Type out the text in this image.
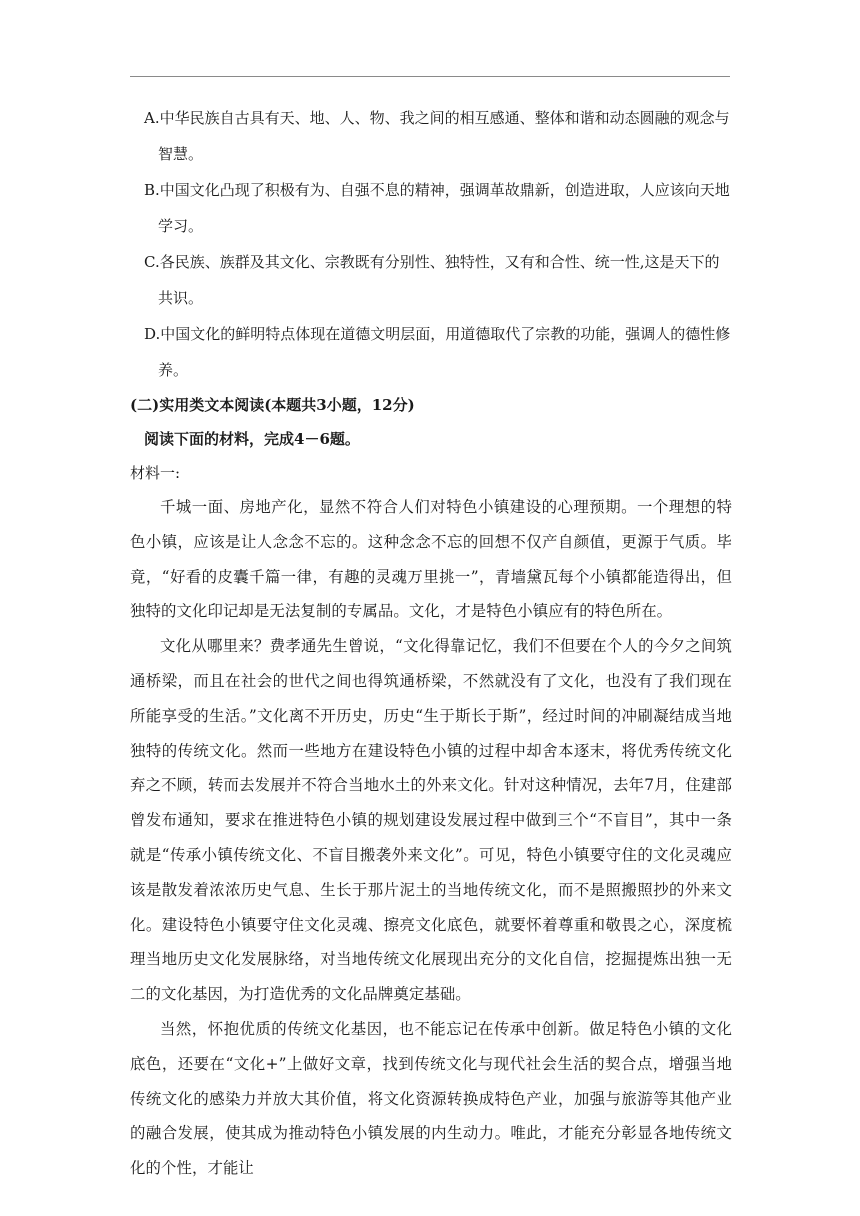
A.中华民族自古具有天、地、人、物、我之间的相互感通、整体和谐和动态圆融的观念与
智慧。

B.中国文化凸现了积极有为、自强不息的精神，强调革故鼎新，创造进取，人应该向天地
学习。

C.各民族、族群及其文化、宗教既有分别性、独特性，又有和合性、统一性,这是天下的
共识。

D.中国文化的鲜明特点体现在道德文明层面，用道德取代了宗教的功能，强调人的德性修
养。

(二)实用类文本阅读(本题共3小题，12分)

阅读下面的材料，完成4－6题。

材料一:

千城一面、房地产化，显然不符合人们对特色小镇建设的心理预期。一个理想的特色小镇，应该是让人念念不忘的。这种念念不忘的回想不仅产自颜值，更源于气质。毕竟，“好看的皮囊千篇一律，有趣的灵魂万里挑一”，青墙黛瓦每个小镇都能造得出，但独特的文化印记却是无法复制的专属品。文化，才是特色小镇应有的特色所在。

文化从哪里来？费孝通先生曾说，“文化得靠记忆，我们不但要在个人的今夕之间筑通桥梁，而且在社会的世代之间也得筑通桥梁，不然就没有了文化，也没有了我们现在所能享受的生活。”文化离不开历史，历史“生于斯长于斯”，经过时间的冲刷凝结成当地独特的传统文化。然而一些地方在建设特色小镇的过程中却舍本逐末，将优秀传统文化弃之不顾，转而去发展并不符合当地水土的外来文化。针对这种情况，去年7月，住建部曾发布通知，要求在推进特色小镇的规划建设发展过程中做到三个“不盲目”，其中一条就是“传承小镇传统文化、不盲目搬袭外来文化”。可见，特色小镇要守住的文化灵魂应该是散发着浓浓历史气息、生长于那片泥土的当地传统文化，而不是照搬照抄的外来文化。建设特色小镇要守住文化灵魂、擦亮文化底色，就要怀着尊重和敬畏之心，深度梳理当地历史文化发展脉络，对当地传统文化展现出充分的文化自信，挖掘提炼出独一无二的文化基因，为打造优秀的文化品牌奠定基础。

当然，怀抱优质的传统文化基因，也不能忘记在传承中创新。做足特色小镇的文化底色，还要在“文化+”上做好文章，找到传统文化与现代社会生活的契合点，增强当地传统文化的感染力并放大其价值，将文化资源转换成特色产业，加强与旅游等其他产业的融合发展，使其成为推动特色小镇发展的内生动力。唯此，才能充分彰显各地传统文化的个性，才能让
